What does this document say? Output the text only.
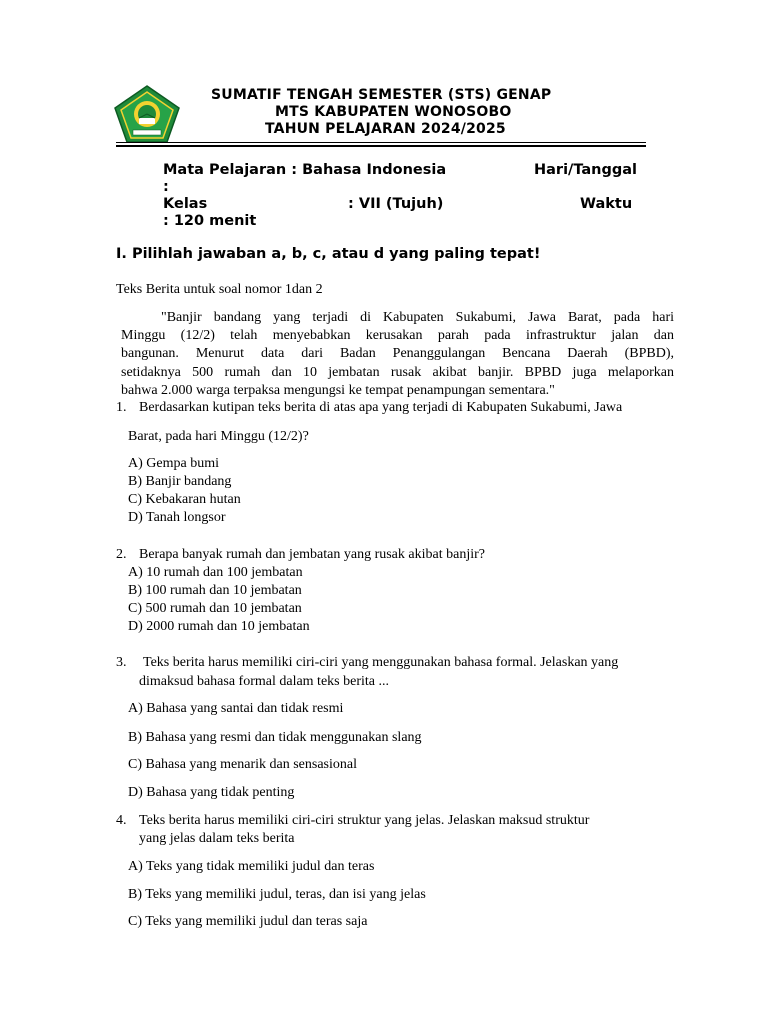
SUMATIF TENGAH SEMESTER (STS) GENAP
MTS KABUPATEN WONOSOBO
TAHUN PELAJARAN 2024/2025
Mata Pelajaran : Bahasa Indonesia	Hari/Tanggal
:
Kelas	: VII (Tujuh)	Waktu
: 120 menit
I. Pilihlah jawaban a, b, c, atau d yang paling tepat!
Teks Berita untuk soal nomor 1dan 2
"Banjir bandang yang terjadi di Kabupaten Sukabumi, Jawa Barat, pada hari
Minggu (12/2) telah menyebabkan kerusakan parah pada infrastruktur jalan dan
bangunan. Menurut data dari Badan Penanggulangan Bencana Daerah (BPBD),
setidaknya 500 rumah dan 10 jembatan rusak akibat banjir. BPBD juga melaporkan
bahwa 2.000 warga terpaksa mengungsi ke tempat penampungan sementara."
1. Berdasarkan kutipan teks berita di atas apa yang terjadi di Kabupaten Sukabumi, Jawa
Barat, pada hari Minggu (12/2)?
A) Gempa bumi
B) Banjir bandang
C) Kebakaran hutan
D) Tanah longsor
2. Berapa banyak rumah dan jembatan yang rusak akibat banjir?
A) 10 rumah dan 100 jembatan
B) 100 rumah dan 10 jembatan
C) 500 rumah dan 10 jembatan
D) 2000 rumah dan 10 jembatan
3. Teks berita harus memiliki ciri-ciri yang menggunakan bahasa formal. Jelaskan yang
dimaksud bahasa formal dalam teks berita ...
A) Bahasa yang santai dan tidak resmi
B) Bahasa yang resmi dan tidak menggunakan slang
C) Bahasa yang menarik dan sensasional
D) Bahasa yang tidak penting
4. Teks berita harus memiliki ciri-ciri struktur yang jelas. Jelaskan maksud struktur
yang jelas dalam teks berita
A) Teks yang tidak memiliki judul dan teras
B) Teks yang memiliki judul, teras, dan isi yang jelas
C) Teks yang memiliki judul dan teras saja
